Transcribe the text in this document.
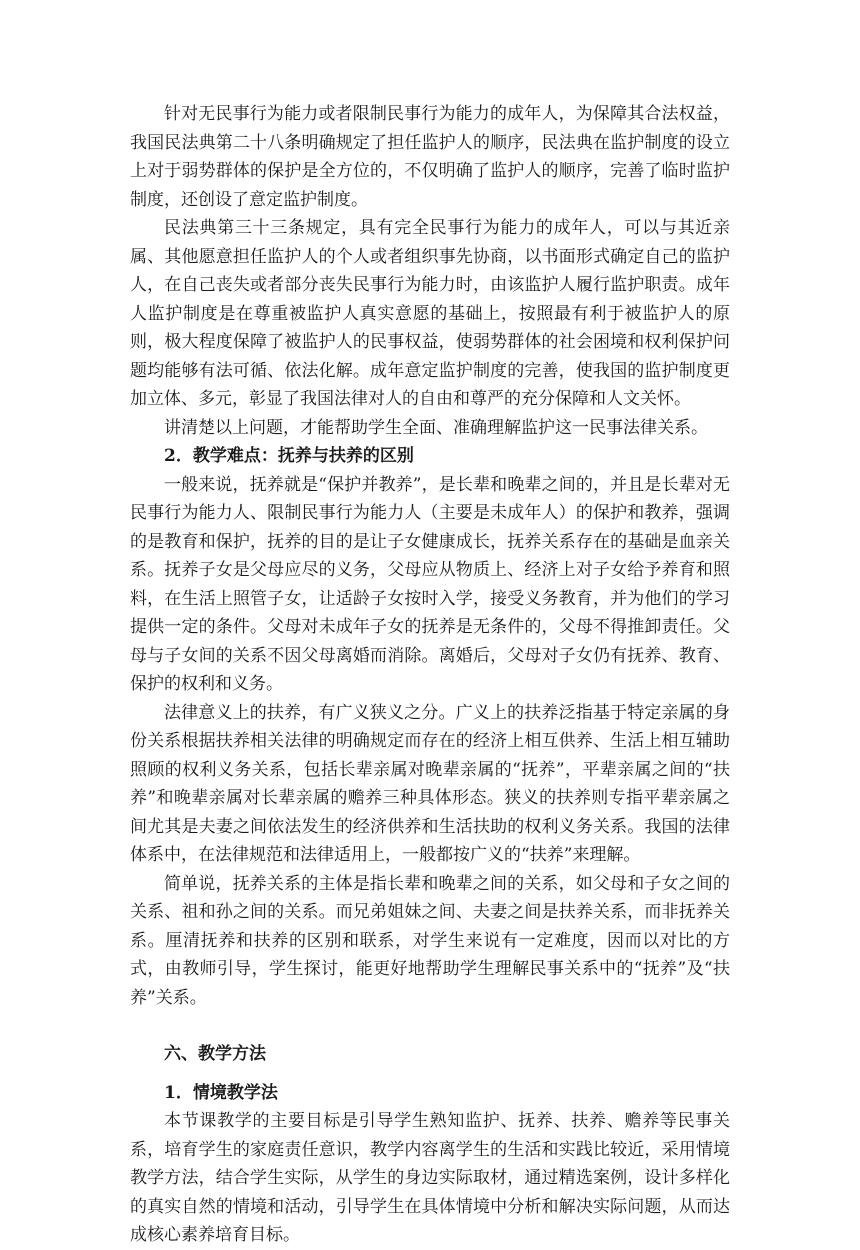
针对无民事行为能力或者限制民事行为能力的成年人，为保障其合法权益，我国民法典第二十八条明确规定了担任监护人的顺序，民法典在监护制度的设立上对于弱势群体的保护是全方位的，不仅明确了监护人的顺序，完善了临时监护制度，还创设了意定监护制度。

民法典第三十三条规定，具有完全民事行为能力的成年人，可以与其近亲属、其他愿意担任监护人的个人或者组织事先协商，以书面形式确定自己的监护人，在自己丧失或者部分丧失民事行为能力时，由该监护人履行监护职责。成年人监护制度是在尊重被监护人真实意愿的基础上，按照最有利于被监护人的原则，极大程度保障了被监护人的民事权益，使弱势群体的社会困境和权利保护问题均能够有法可循、依法化解。成年意定监护制度的完善，使我国的监护制度更加立体、多元，彰显了我国法律对人的自由和尊严的充分保障和人文关怀。

讲清楚以上问题，才能帮助学生全面、准确理解监护这一民事法律关系。

2．教学难点：抚养与扶养的区别

一般来说，抚养就是“保护并教养”，是长辈和晚辈之间的，并且是长辈对无民事行为能力人、限制民事行为能力人（主要是未成年人）的保护和教养，强调的是教育和保护，抚养的目的是让子女健康成长，抚养关系存在的基础是血亲关系。抚养子女是父母应尽的义务，父母应从物质上、经济上对子女给予养育和照料，在生活上照管子女，让适龄子女按时入学，接受义务教育，并为他们的学习提供一定的条件。父母对未成年子女的抚养是无条件的，父母不得推卸责任。父母与子女间的关系不因父母离婚而消除。离婚后，父母对子女仍有抚养、教育、保护的权利和义务。

法律意义上的扶养，有广义狭义之分。广义上的扶养泛指基于特定亲属的身份关系根据扶养相关法律的明确规定而存在的经济上相互供养、生活上相互辅助照顾的权利义务关系，包括长辈亲属对晚辈亲属的“抚养”，平辈亲属之间的“扶养”和晚辈亲属对长辈亲属的赡养三种具体形态。狭义的扶养则专指平辈亲属之间尤其是夫妻之间依法发生的经济供养和生活扶助的权利义务关系。我国的法律体系中，在法律规范和法律适用上，一般都按广义的“扶养”来理解。

简单说，抚养关系的主体是指长辈和晚辈之间的关系，如父母和子女之间的关系、祖和孙之间的关系。而兄弟姐妹之间、夫妻之间是扶养关系，而非抚养关系。厘清抚养和扶养的区别和联系，对学生来说有一定难度，因而以对比的方式，由教师引导，学生探讨，能更好地帮助学生理解民事关系中的“抚养”及“扶养”关系。

六、教学方法

1．情境教学法

本节课教学的主要目标是引导学生熟知监护、抚养、扶养、赡养等民事关系，培育学生的家庭责任意识，教学内容离学生的生活和实践比较近，采用情境教学方法，结合学生实际，从学生的身边实际取材，通过精选案例，设计多样化的真实自然的情境和活动，引导学生在具体情境中分析和解决实际问题，从而达成核心素养培育目标。
